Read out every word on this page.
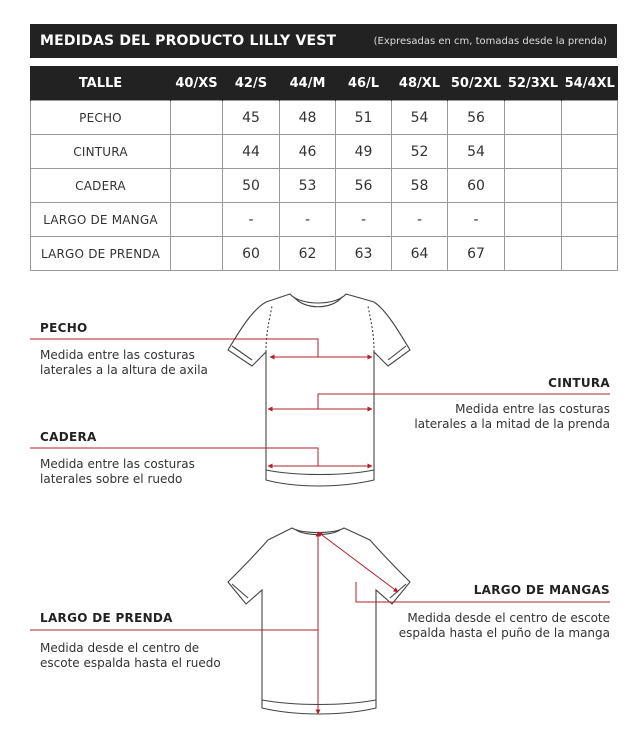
MEDIDAS DEL PRODUCTO LILLY VEST	(Expresadas en cm, tomadas desde la prenda)
TALLE	40/XS	42/S	44/M	46/L	48/XL	50/2XL	52/3XL	54/4XL
PECHO		45	48	51	54	56		
CINTURA		44	46	49	52	54		
CADERA		50	53	56	58	60		
LARGO DE MANGA		-	-	-	-	-		
LARGO DE PRENDA		60	62	63	64	67		
PECHO
Medida entre las costuras
laterales a la altura de axila
CINTURA
Medida entre las costuras
laterales a la mitad de la prenda
CADERA
Medida entre las costuras
laterales sobre el ruedo
LARGO DE MANGAS
Medida desde el centro de escote
espalda hasta el puño de la manga
LARGO DE PRENDA
Medida desde el centro de
escote espalda hasta el ruedo
